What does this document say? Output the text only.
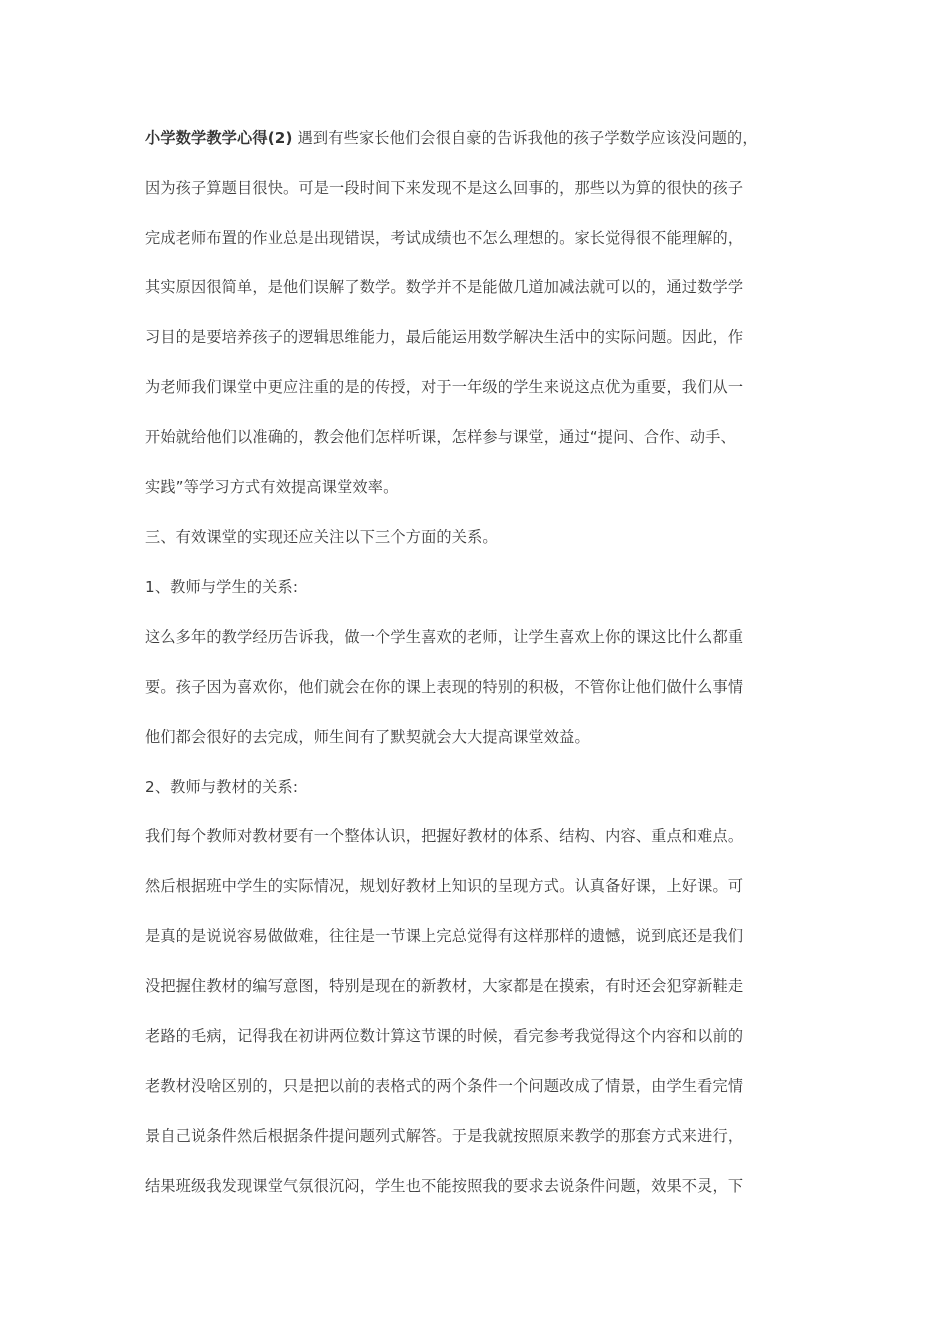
小学数学教学心得(2) 遇到有些家长他们会很自豪的告诉我他的孩子学数学应该没问题的，
因为孩子算题目很快。可是一段时间下来发现不是这么回事的，那些以为算的很快的孩子
完成老师布置的作业总是出现错误，考试成绩也不怎么理想的。家长觉得很不能理解的，
其实原因很简单，是他们误解了数学。数学并不是能做几道加减法就可以的，通过数学学
习目的是要培养孩子的逻辑思维能力，最后能运用数学解决生活中的实际问题。因此，作
为老师我们课堂中更应注重的是的传授，对于一年级的学生来说这点优为重要，我们从一
开始就给他们以准确的，教会他们怎样听课，怎样参与课堂，通过“提问、合作、动手、
实践”等学习方式有效提高课堂效率。
三、有效课堂的实现还应关注以下三个方面的关系。
1、教师与学生的关系:
这么多年的教学经历告诉我，做一个学生喜欢的老师，让学生喜欢上你的课这比什么都重
要。孩子因为喜欢你，他们就会在你的课上表现的特别的积极，不管你让他们做什么事情
他们都会很好的去完成，师生间有了默契就会大大提高课堂效益。
2、教师与教材的关系:
我们每个教师对教材要有一个整体认识，把握好教材的体系、结构、内容、重点和难点。
然后根据班中学生的实际情况，规划好教材上知识的呈现方式。认真备好课，上好课。可
是真的是说说容易做做难，往往是一节课上完总觉得有这样那样的遗憾，说到底还是我们
没把握住教材的编写意图，特别是现在的新教材，大家都是在摸索，有时还会犯穿新鞋走
老路的毛病，记得我在初讲两位数计算这节课的时候，看完参考我觉得这个内容和以前的
老教材没啥区别的，只是把以前的表格式的两个条件一个问题改成了情景，由学生看完情
景自己说条件然后根据条件提问题列式解答。于是我就按照原来教学的那套方式来进行，
结果班级我发现课堂气氛很沉闷，学生也不能按照我的要求去说条件问题，效果不灵，下
